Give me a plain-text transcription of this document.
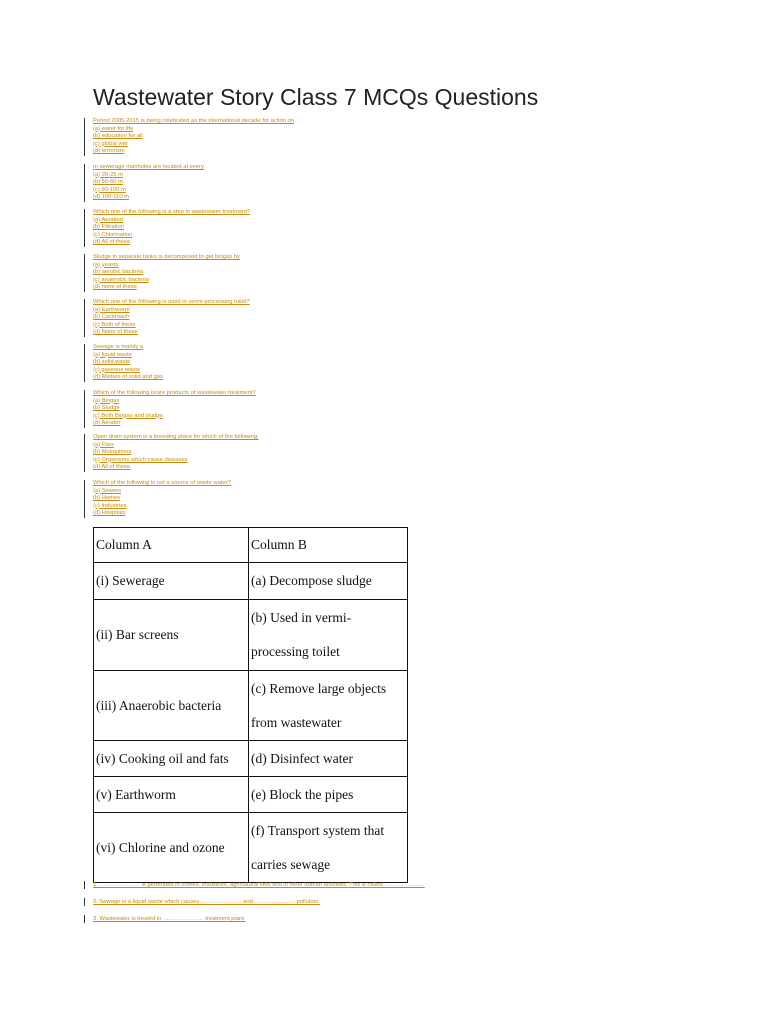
Wastewater Story Class 7 MCQs Questions
Period 2005-2015 is being celebrated as the international decade for action on
(a) water for life
(b) education for all
(c) global war
(d) terrorism
In sewerage manholes are located at every
(a) 20-25 m
(b) 50-60 m
(c) 90-100 m
(d) 100-110 m
Which one of the following is a step in wastewater treatment?
(a) Aeration
(b) Filtration
(c) Chlorination
(d) All of these
Sludge in separate tanks is decomposed to get biogas by
(a) yeasts
(b) aerobic bacteria
(c) anaerobic bacteria
(d) none of these
Which one of the following is used in vermi-processing toilet?
(a) Earthworm
(b) Cockroach
(c) Both of these
(d) None of these
Sewage is mainly a
(a) liquid waste
(b) solid waste
(c) gaseous waste
(d) Mixture of solid and gas
Which of the following is/are products of wastewater treatment?
(a) Biogas
(b) Sludge
(c) Both Biogas and sludge
(d) Aerator
Open drain system is a breeding place for which of the following:
(a) Flies
(b) Mosquitoes
(c) Organisms which cause diseases
(d) All of these
Which of the following is not a source of waste water?
(a) Sewers
(b) Homes
(c) Industries
(d) Hospitals
Column A	Column B
(i) Sewerage	(a) Decompose sludge
(ii) Bar screens	(b) Used in vermi-processing toilet
(iii) Anaerobic bacteria	(c) Remove large objects from wastewater
(iv) Cooking oil and fats	(d) Disinfect water
(v) Earthworm	(e) Block the pipes
(vi) Chlorine and ozone	(f) Transport system that carries sewage
1. ………………… is generated in homes, industries, agricultural field and in other human activities. This is called …………………
2. Sewage is a liquid waste which causes ………………… and ………………… pollution.
3. Wastewater is treated in ………………… treatment plant.
